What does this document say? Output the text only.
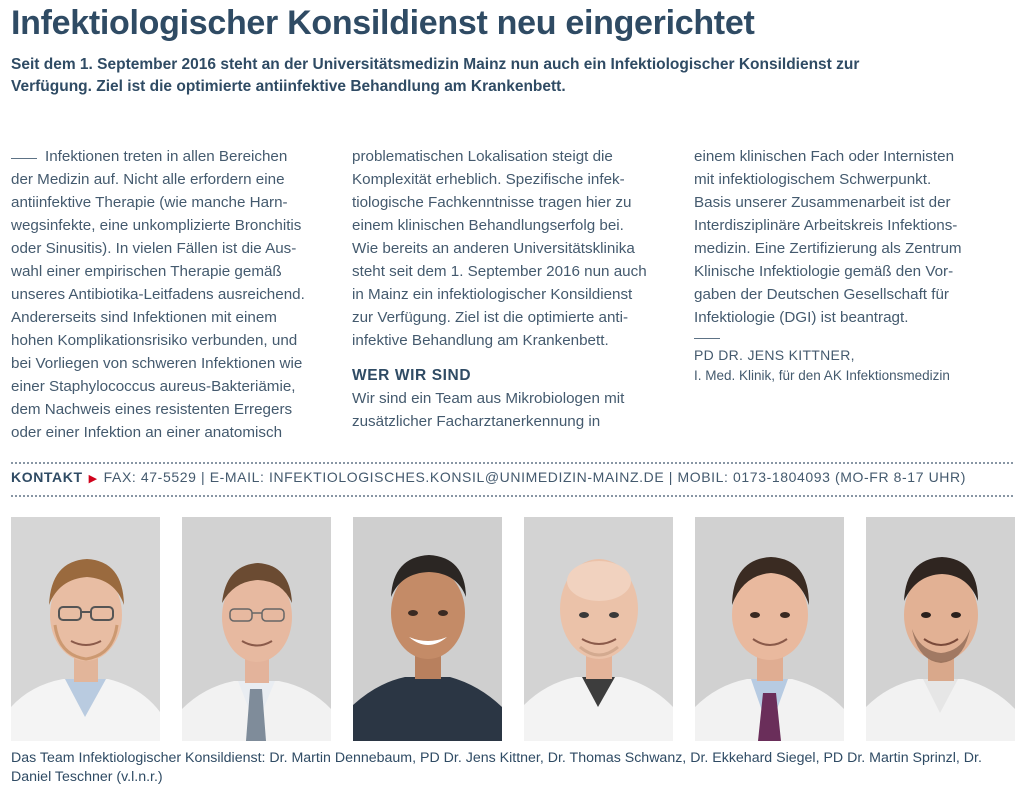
Infektiologischer Konsildienst neu eingerichtet

Seit dem 1. September 2016 steht an der Universitätsmedizin Mainz nun auch ein Infektiologischer Konsildienst zur Verfügung. Ziel ist die optimierte antiinfektive Behandlung am Krankenbett.

Infektionen treten in allen Bereichen

der Medizin auf. Nicht alle erfordern eine

antiinfektive Therapie (wie manche Harn-

wegsinfekte, eine unkomplizierte Bronchitis

oder Sinusitis). In vielen Fällen ist die Aus-

wahl einer empirischen Therapie gemäß

unseres Antibiotika-Leitfadens ausreichend.

Andererseits sind Infektionen mit einem

hohen Komplikationsrisiko verbunden, und

bei Vorliegen von schweren Infektionen wie

einer Staphylococcus aureus-Bakteriämie,

dem Nachweis eines resistenten Erregers

oder einer Infektion an einer anatomisch

problematischen Lokalisation steigt die

Komplexität erheblich. Spezifische infek-

tiologische Fachkenntnisse tragen hier zu

einem klinischen Behandlungserfolg bei.

Wie bereits an anderen Universitätsklinika

steht seit dem 1. September 2016 nun auch

in Mainz ein infektiologischer Konsildienst

zur Verfügung. Ziel ist die optimierte anti-

infektive Behandlung am Krankenbett.

WER WIR SIND

Wir sind ein Team aus Mikrobiologen mit

zusätzlicher Facharztanerkennung in

einem klinischen Fach oder Internisten

mit infektiologischem Schwerpunkt.

Basis unserer Zusammenarbeit ist der

Interdisziplinäre Arbeitskreis Infektions-

medizin. Eine Zertifizierung als Zentrum

Klinische Infektiologie gemäß den Vor-

gaben der Deutschen Gesellschaft für

Infektiologie (DGI) ist beantragt.

PD DR. JENS KITTNER,

I. Med. Klinik, für den AK Infektionsmedizin

KONTAKT ▶ FAX: 47-5529 | E-MAIL: INFEKTIOLOGISCHES.KONSIL@UNIMEDIZIN-MAINZ.DE | MOBIL: 0173-1804093 (MO-FR 8-17 UHR)

Das Team Infektiologischer Konsildienst: Dr. Martin Dennebaum, PD Dr. Jens Kittner, Dr. Thomas Schwanz, Dr. Ekkehard Siegel, PD Dr. Martin Sprinzl, Dr. Daniel Teschner (v.l.n.r.)
